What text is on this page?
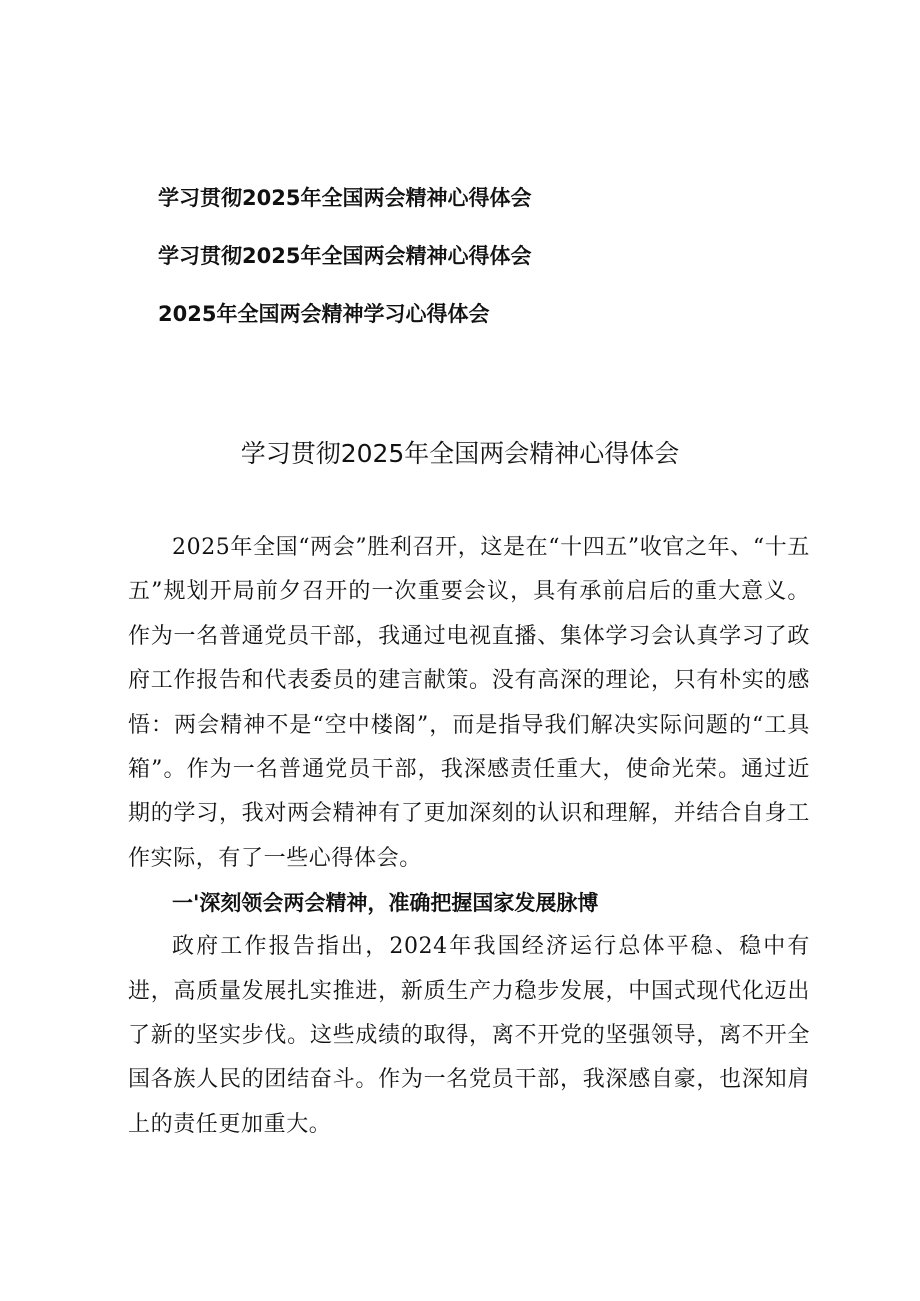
学习贯彻2025年全国两会精神心得体会
学习贯彻2025年全国两会精神心得体会
2025年全国两会精神学习心得体会
学习贯彻2025年全国两会精神心得体会

2025年全国“两会”胜利召开，这是在“十四五”收官之年、“十五五”规划开局前夕召开的一次重要会议，具有承前启后的重大意义。作为一名普通党员干部，我通过电视直播、集体学习会认真学习了政府工作报告和代表委员的建言献策。没有高深的理论，只有朴实的感悟：两会精神不是“空中楼阁”，而是指导我们解决实际问题的“工具箱”。作为一名普通党员干部，我深感责任重大，使命光荣。通过近期的学习，我对两会精神有了更加深刻的认识和理解，并结合自身工作实际，有了一些心得体会。

一'深刻领会两会精神，准确把握国家发展脉博

政府工作报告指出，2024年我国经济运行总体平稳、稳中有进，高质量发展扎实推进，新质生产力稳步发展，中国式现代化迈出了新的坚实步伐。这些成绩的取得，离不开党的坚强领导，离不开全国各族人民的团结奋斗。作为一名党员干部，我深感自豪，也深知肩上的责任更加重大。
